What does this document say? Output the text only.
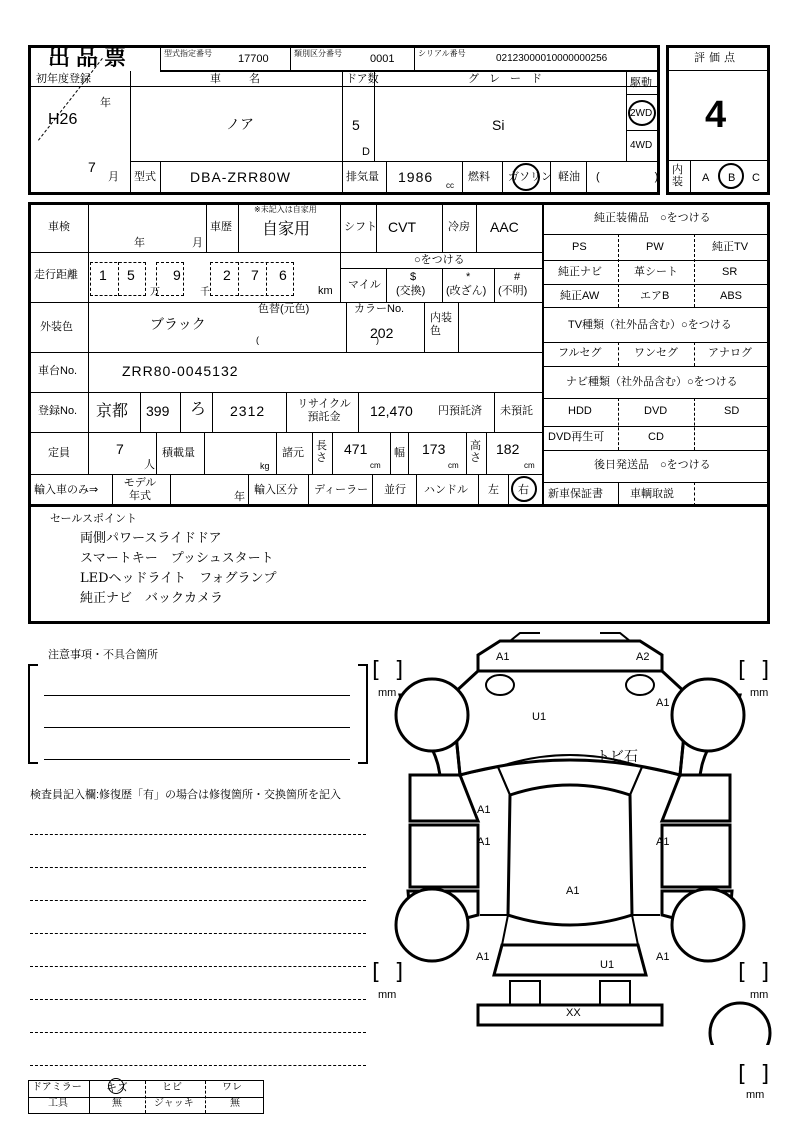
出品票	型式指定番号 17700	類別区分番号	0001	シリアル番号	02123000010000000256	評価点
4
内装 A B C
初年度登録
H26
年
7
月
車名
ノア
ドア数
5
D
グレード
Si
駆動
2WD
4WD
型式 DBA-ZRR80W	排気量 1986
cc
燃料 ガソリン 軽油 (　　　　　)
車検
年	月
車歴
※未記入は自家用
自家用	シフト CVT	冷房 AAC
走行距離 1 5
万
9
千
2 7 6
km
○をつける
マイル
$
(交換)
*
(改ざん)
#
(不明)
外装色	ブラック
色替(元色)
(　　　　　　　　　　　　　)
カラーNo.
202
内装色
車台No.	ZRR80-0045132
登録No. 京都 399 ろ 2312	リサイクル預託金	12,470 円預託済 未預託
定員	7
人
積載量
kg
諸元
長さ
471
cm
幅 173
cm
高さ
182
cm
輸入車のみ⇒
モデル年式	年
輸入区分 ディーラー 並行 ハンドル 左 右
純正装備品　○をつける
PS	PW	純正TV
純正ナビ	革シート	SR
純正AW	エアB	ABS
TV種類（社外品含む）○をつける
フルセグ	ワンセグ	アナログ
ナビ種類（社外品含む）○をつける
HDD	DVD	SD
DVD再生可	CD
後日発送品　○をつける
新車保証書 車輌取説
セールスポイント
両側パワースライドドア
スマートキー　プッシュスタート
LEDヘッドライト　フォグランプ
純正ナビ　バックカメラ
注意事項・不具合箇所
検査員記入欄:修復歴「有」の場合は修復箇所・交換箇所を記入
A1	A2
U1
A1
トビ石
A1
A1	A1
A1
A1	A1
U1
XX
[  ]
mm
[  ]
mm
[  ]
mm
[  ]
mm
[  ]
mm
ドアミラー キズ	ヒビ	ワレ
工具	無	ジャッキ	無
